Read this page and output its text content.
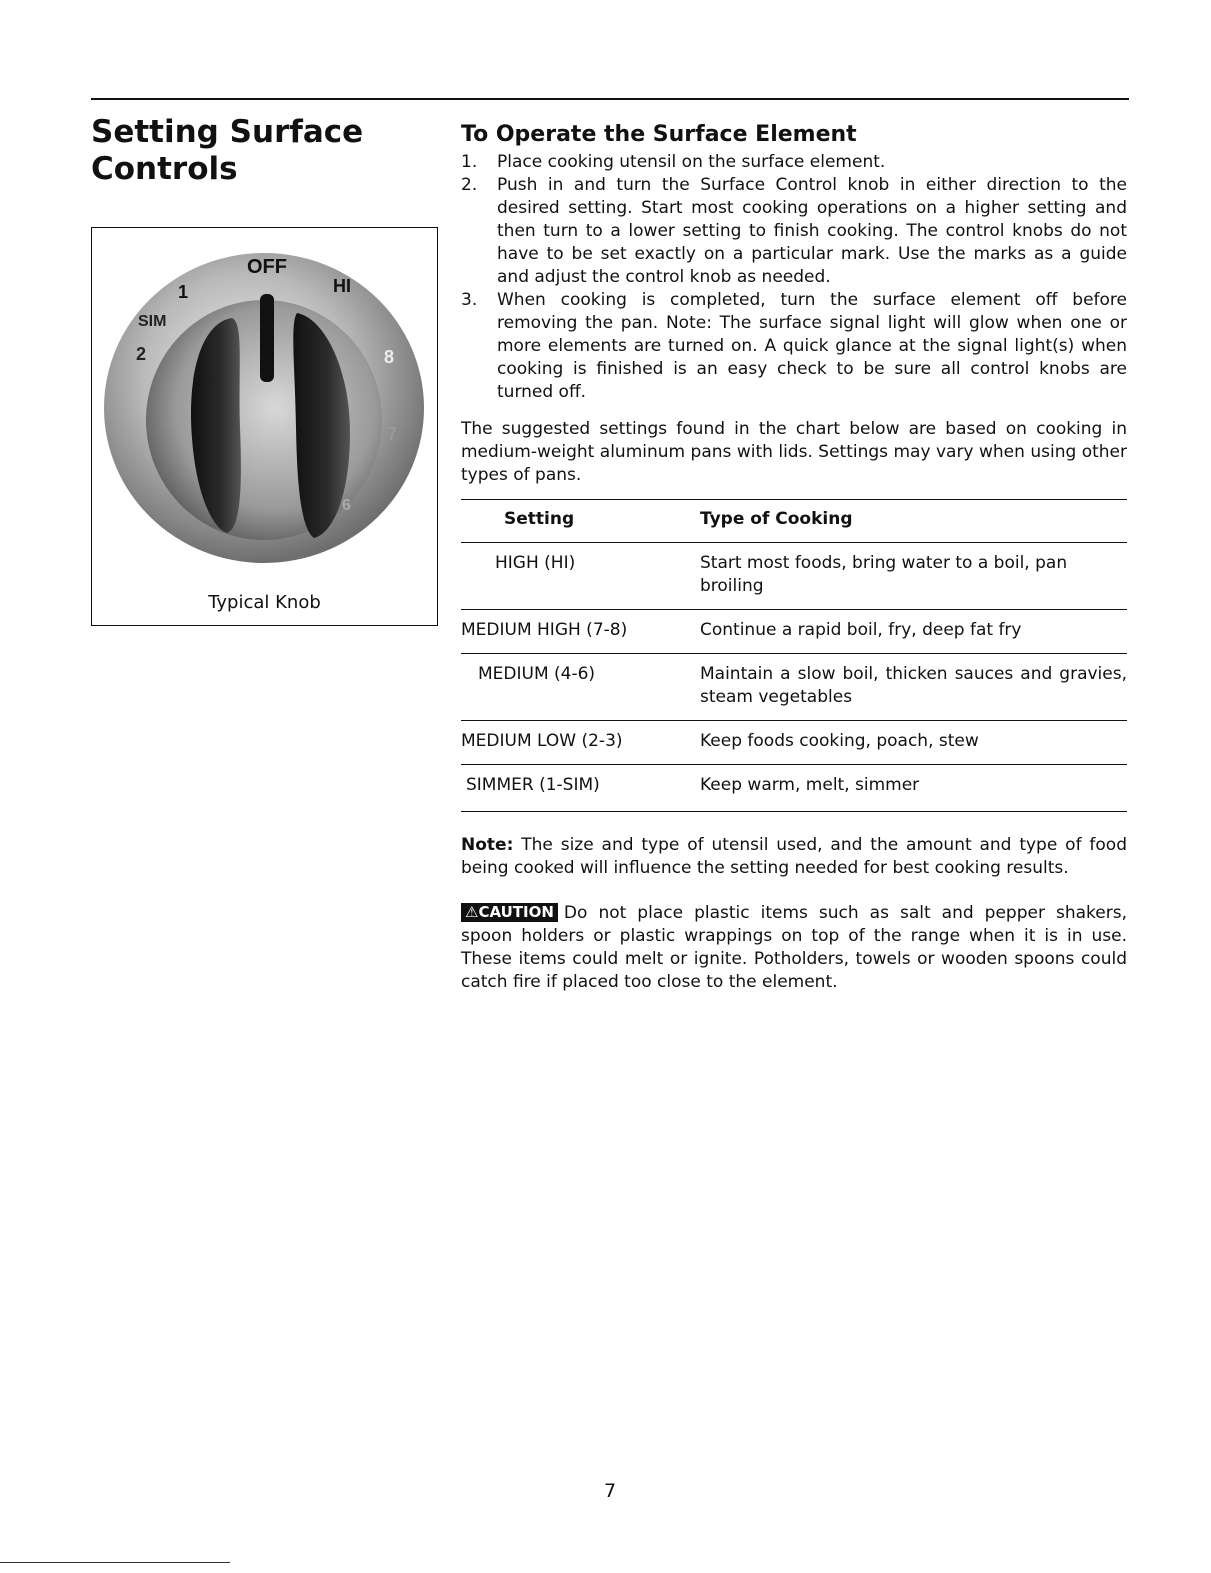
Setting Surface Controls
OFF
HI
1
SIM
2	8
7
6
Typical Knob
To Operate the Surface Element
1. Place cooking utensil on the surface element.
2. Push in and turn the Surface Control knob in either direction to the desired setting. Start most cooking operations on a higher setting and then turn to a lower setting to finish cooking. The control knobs do not have to be set exactly on a particular mark. Use the marks as a guide and adjust the control knob as needed.
3. When cooking is completed, turn the surface element off before removing the pan. Note: The surface signal light will glow when one or more elements are turned on. A quick glance at the signal light(s) when cooking is finished is an easy check to be sure all control knobs are turned off.

The suggested settings found in the chart below are based on cooking in medium-weight aluminum pans with lids. Settings may vary when using other types of pans.

Setting	Type of Cooking
HIGH (HI)	Start most foods, bring water to a boil, pan broiling
MEDIUM HIGH (7-8)	Continue a rapid boil, fry, deep fat fry
MEDIUM (4-6)	Maintain a slow boil, thicken sauces and gravies, steam vegetables
MEDIUM LOW (2-3)	Keep foods cooking, poach, stew
SIMMER (1-SIM)	Keep warm, melt, simmer

Note: The size and type of utensil used, and the amount and type of food being cooked will influence the setting needed for best cooking results.

⚠CAUTION Do not place plastic items such as salt and pepper shakers, spoon holders or plastic wrappings on top of the range when it is in use. These items could melt or ignite. Potholders, towels or wooden spoons could catch fire if placed too close to the element.

7
